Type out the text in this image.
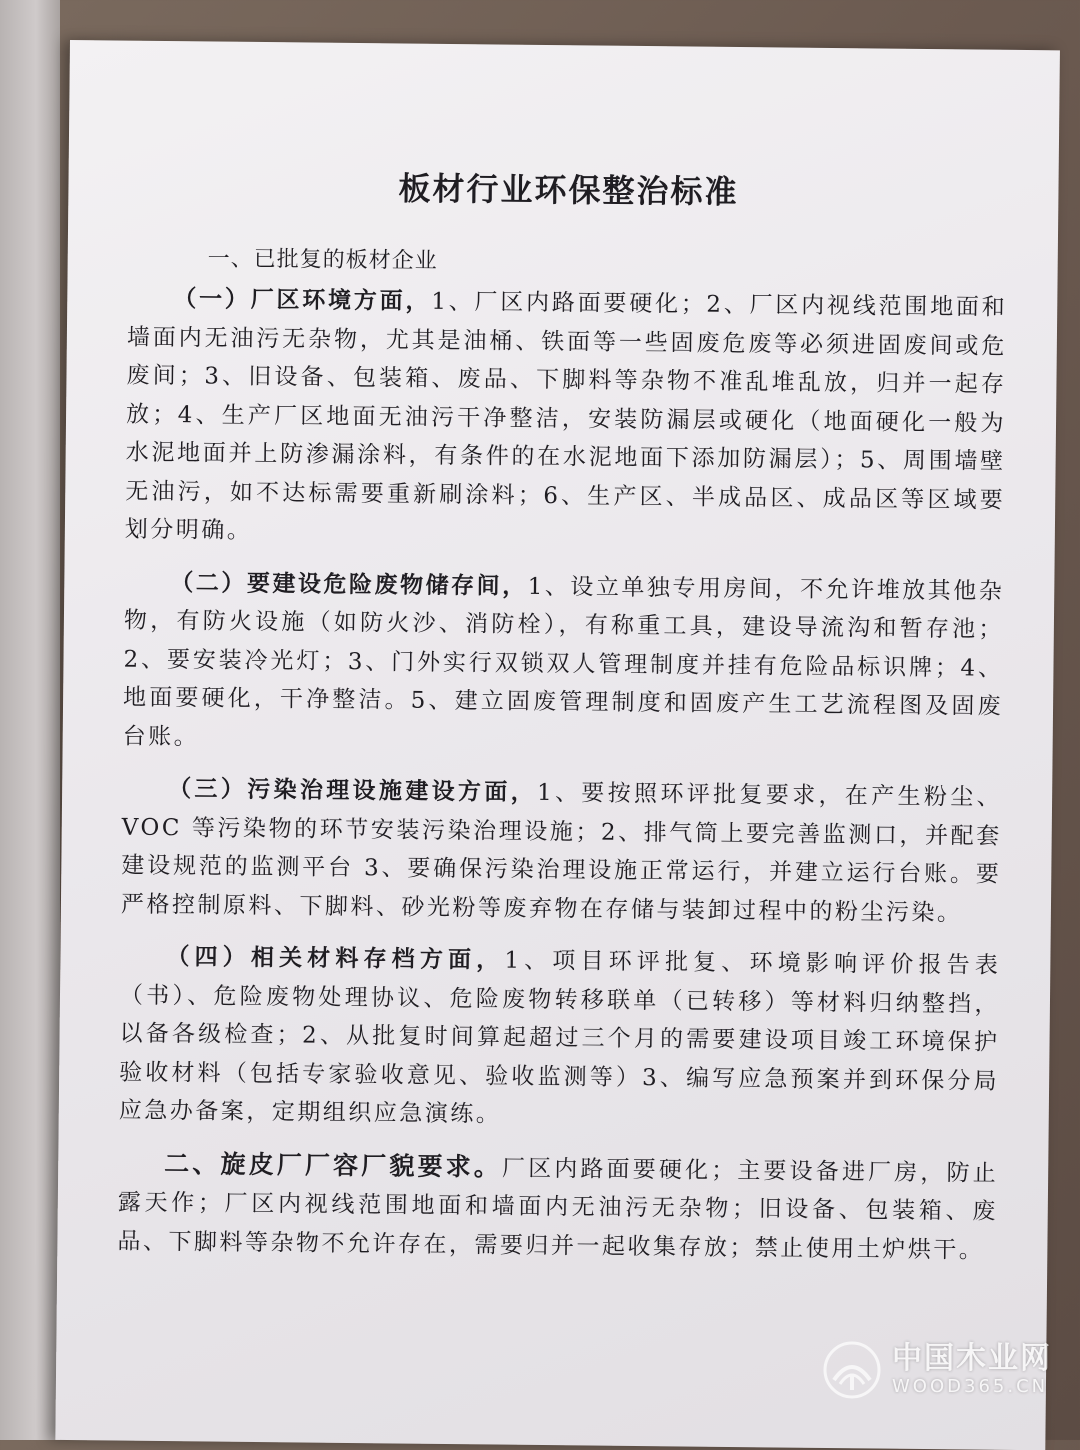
板材行业环保整治标准
一、已批复的板材企业

（一）厂区环境方面，1、厂区内路面要硬化；2、厂区内视线范围地面和墙面内无油污无杂物，尤其是油桶、铁面等一些固废危废等必须进固废间或危废间；3、旧设备、包装箱、废品、下脚料等杂物不准乱堆乱放，归并一起存放；4、生产厂区地面无油污干净整洁，安装防漏层或硬化（地面硬化一般为水泥地面并上防渗漏涂料，有条件的在水泥地面下添加防漏层）；5、周围墙壁无油污，如不达标需要重新刷涂料；6、生产区、半成品区、成品区等区域要划分明确。

（二）要建设危险废物储存间，1、设立单独专用房间，不允许堆放其他杂物，有防火设施（如防火沙、消防栓），有称重工具，建设导流沟和暂存池；2、要安装冷光灯；3、门外实行双锁双人管理制度并挂有危险品标识牌；4、地面要硬化，干净整洁。5、建立固废管理制度和固废产生工艺流程图及固废台账。

（三）污染治理设施建设方面，1、要按照环评批复要求，在产生粉尘、VOC 等污染物的环节安装污染治理设施；2、排气筒上要完善监测口，并配套建设规范的监测平台 3、要确保污染治理设施正常运行，并建立运行台账。要严格控制原料、下脚料、砂光粉等废弃物在存储与装卸过程中的粉尘污染。

（四）相关材料存档方面，1、项目环评批复、环境影响评价报告表（书）、危险废物处理协议、危险废物转移联单（已转移）等材料归纳整挡，以备各级检查；2、从批复时间算起超过三个月的需要建设项目竣工环境保护验收材料（包括专家验收意见、验收监测等）3、编写应急预案并到环保分局应急办备案，定期组织应急演练。

二、旋皮厂厂容厂貌要求。厂区内路面要硬化；主要设备进厂房，防止露天作；厂区内视线范围地面和墙面内无油污无杂物；旧设备、包装箱、废品、下脚料等杂物不允许存在，需要归并一起收集存放；禁止使用土炉烘干。

中国木业网
WOOD365.CN
